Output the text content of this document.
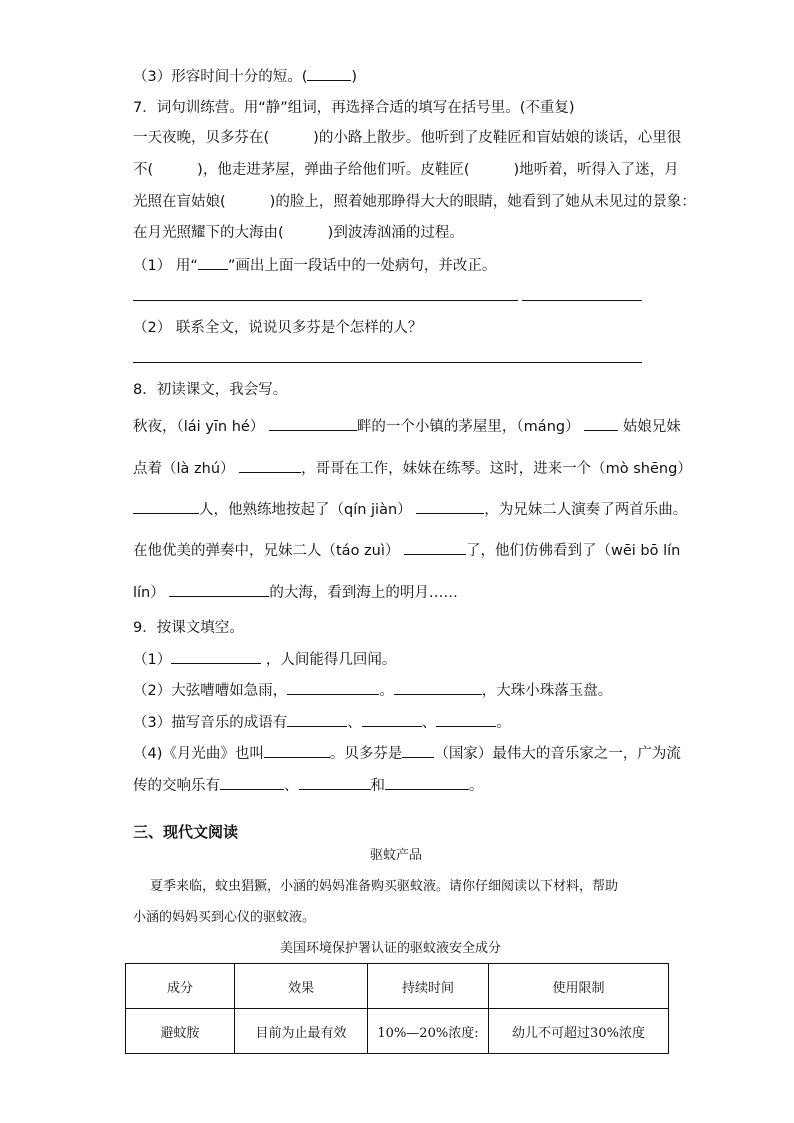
（3）形容时间十分的短。(	)
7．词句训练营。用“静”组词，再选择合适的填写在括号里。(不重复)
一天夜晚，贝多芬在(	)的小路上散步。他听到了皮鞋匠和盲姑娘的谈话，心里很
不(	)，他走进茅屋，弹曲子给他们听。皮鞋匠(	)地听着，听得入了迷，月
光照在盲姑娘(	)的脸上，照着她那睁得大大的眼睛，她看到了她从未见过的景象：
在月光照耀下的大海由(	)到波涛汹涌的过程。
（1） 用“ ”画出上面一段话中的一处病句，并改正。
（2） 联系全文，说说贝多芬是个怎样的人？
8．初读课文，我会写。
秋夜，（lái yīn hé）	畔的一个小镇的茅屋里，（máng）	姑娘兄妹
点着（là zhú）	，哥哥在工作，妹妹在练琴。这时，进来一个（mò shēng）
人，他熟练地按起了（qín jiàn）	，为兄妹二人演奏了两首乐曲。
在他优美的弹奏中，兄妹二人（táo zuì）	了，他们仿佛看到了（wēi bō lín
lín）	的大海，看到海上的明月……
9．按课文填空。
（1）	，人间能得几回闻。
（2）大弦嘈嘈如急雨，	。	，大珠小珠落玉盘。
（3）描写音乐的成语有	、	、	。
（4)《月光曲》也叫	。贝多芬是 （国家）最伟大的音乐家之一，广为流
传的交响乐有	、	和	。
三、现代文阅读
驱蚊产品
夏季来临，蚊虫猖獗，小涵的妈妈准备购买驱蚊液。请你仔细阅读以下材料，帮助
小涵的妈妈买到心仪的驱蚊液。
美国环境保护署认证的驱蚊液安全成分
成分	效果	持续时间	使用限制
避蚊胺	目前为止最有效	10%—20%浓度:	幼儿不可超过30%浓度
